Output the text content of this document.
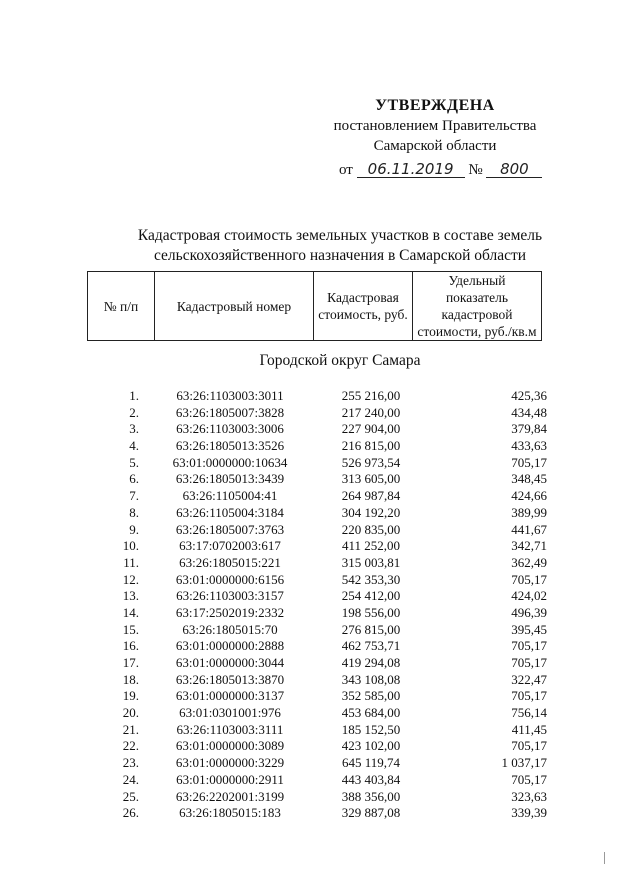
УТВЕРЖДЕНА
постановлением Правительства
Самарской области
от 06.11.2019 № 800
Кадастровая стоимость земельных участков в составе земель
сельскохозяйственного назначения в Самарской области
№ п/п	Кадастровый номер	Кадастровая стоимость, руб.	Удельный показатель кадастровой стоимости, руб./кв.м
Городской округ Самара
1.	63:26:1103003:3011	255 216,00	425,36
2.	63:26:1805007:3828	217 240,00	434,48
3.	63:26:1103003:3006	227 904,00	379,84
4.	63:26:1805013:3526	216 815,00	433,63
5.	63:01:0000000:10634	526 973,54	705,17
6.	63:26:1805013:3439	313 605,00	348,45
7.	63:26:1105004:41	264 987,84	424,66
8.	63:26:1105004:3184	304 192,20	389,99
9.	63:26:1805007:3763	220 835,00	441,67
10.	63:17:0702003:617	411 252,00	342,71
11.	63:26:1805015:221	315 003,81	362,49
12.	63:01:0000000:6156	542 353,30	705,17
13.	63:26:1103003:3157	254 412,00	424,02
14.	63:17:2502019:2332	198 556,00	496,39
15.	63:26:1805015:70	276 815,00	395,45
16.	63:01:0000000:2888	462 753,71	705,17
17.	63:01:0000000:3044	419 294,08	705,17
18.	63:26:1805013:3870	343 108,08	322,47
19.	63:01:0000000:3137	352 585,00	705,17
20.	63:01:0301001:976	453 684,00	756,14
21.	63:26:1103003:3111	185 152,50	411,45
22.	63:01:0000000:3089	423 102,00	705,17
23.	63:01:0000000:3229	645 119,74	1 037,17
24.	63:01:0000000:2911	443 403,84	705,17
25.	63:26:2202001:3199	388 356,00	323,63
26.	63:26:1805015:183	329 887,08	339,39
